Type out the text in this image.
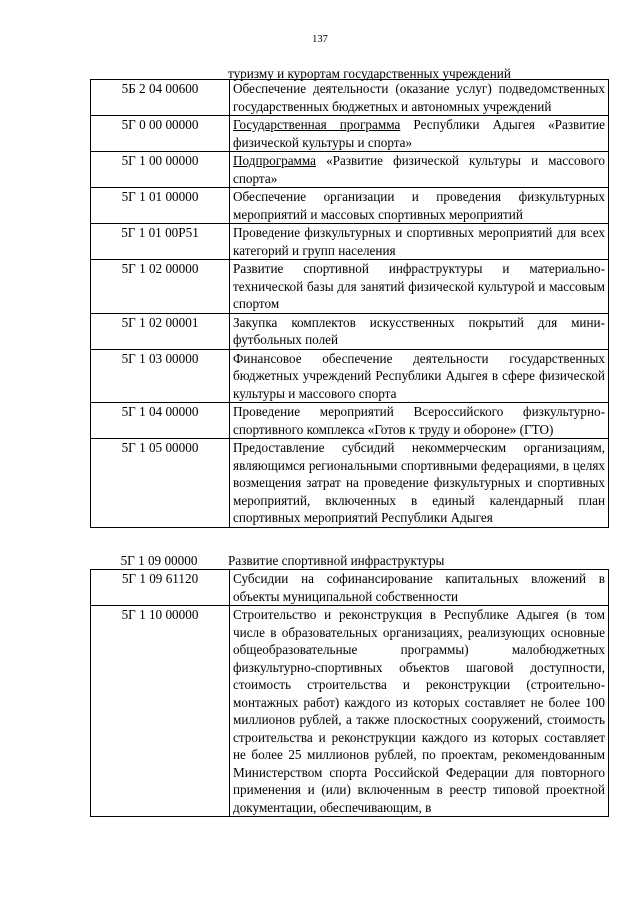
137
туризму и курортам государственных учреждений
5Б 2 04 00600	Обеспечение деятельности (оказание услуг) подведомственных государственных бюджетных и автономных учреждений
5Г 0 00 00000	Государственная программа Республики Адыгея «Развитие физической культуры и спорта»
5Г 1 00 00000	Подпрограмма «Развитие физической культуры и массового спорта»
5Г 1 01 00000	Обеспечение организации и проведения физкультурных мероприятий и массовых спортивных мероприятий
5Г 1 01 00Р51	Проведение физкультурных и спортивных мероприятий для всех категорий и групп населения
5Г 1 02 00000	Развитие спортивной инфраструктуры и материально-технической базы для занятий физической культурой и массовым спортом
5Г 1 02 00001	Закупка комплектов искусственных покрытий для мини-футбольных полей
5Г 1 03 00000	Финансовое обеспечение деятельности государственных бюджетных учреждений Республики Адыгея в сфере физической культуры и массового спорта
5Г 1 04 00000	Проведение мероприятий Всероссийского физкультурно-спортивного комплекса «Готов к труду и обороне» (ГТО)
5Г 1 05 00000	Предоставление субсидий некоммерческим организациям, являющимся региональными спортивными федерациями, в целях возмещения затрат на проведение физкультурных и спортивных мероприятий, включенных в единый календарный план спортивных мероприятий Республики Адыгея
5Г 1 09 00000 Развитие спортивной инфраструктуры
5Г 1 09 61120	Субсидии на софинансирование капитальных вложений в объекты муниципальной собственности
5Г 1 10 00000	Строительство и реконструкция в Республике Адыгея (в том числе в образовательных организациях, реализующих основные общеобразовательные программы) малобюджетных физкультурно-спортивных объектов шаговой доступности, стоимость строительства и реконструкции (строительно-монтажных работ) каждого из которых составляет не более 100 миллионов рублей, а также плоскостных сооружений, стоимость строительства и реконструкции каждого из которых составляет не более 25 миллионов рублей, по проектам, рекомендованным Министерством спорта Российской Федерации для повторного применения и (или) включенным в реестр типовой проектной документации, обеспечивающим, в
